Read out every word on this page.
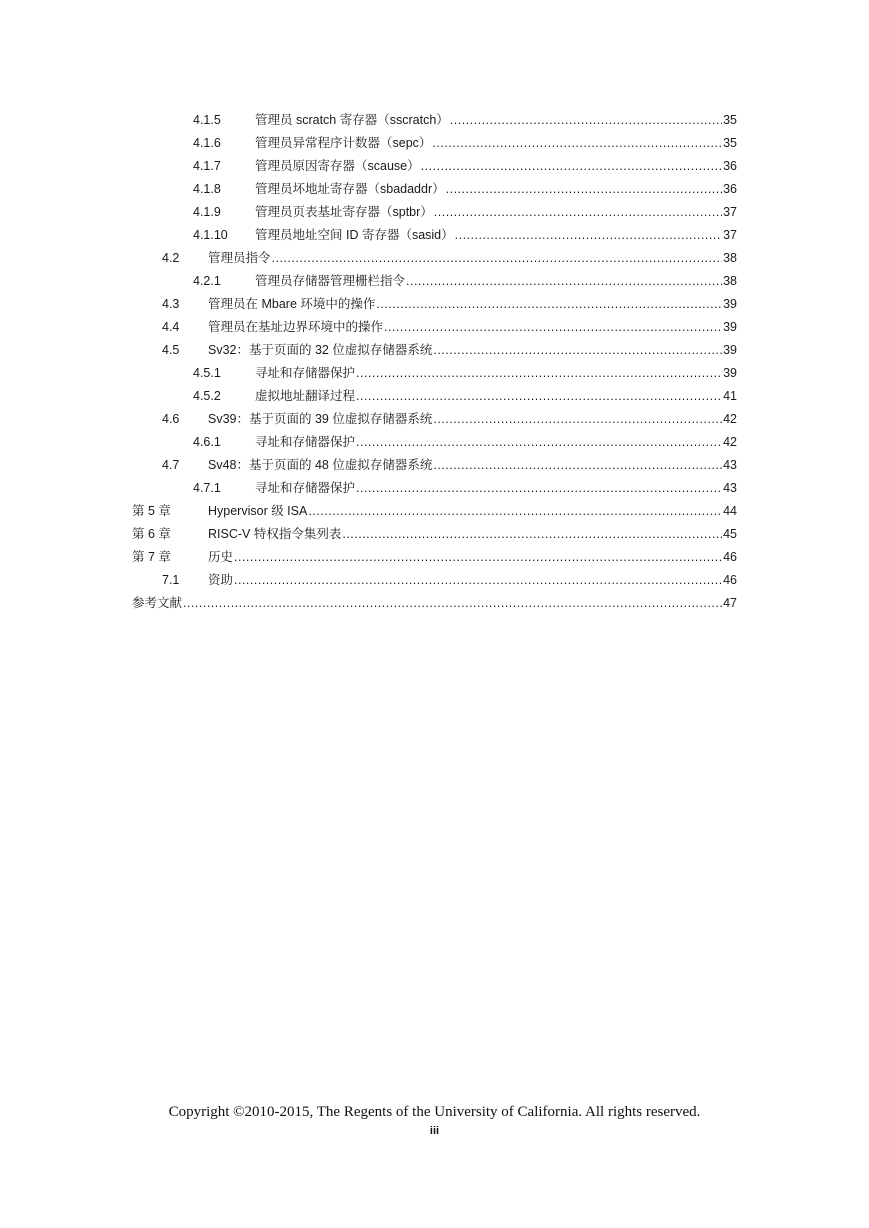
4.1.5	管理员 scratch 寄存器（sscratch） .....	35
4.1.6	管理员异常程序计数器（sepc） .....	35
4.1.7	管理员原因寄存器（scause） .....	36
4.1.8	管理员坏地址寄存器（sbadaddr） .....	36
4.1.9	管理员页表基址寄存器（sptbr） .....	37
4.1.10	管理员地址空间 ID 寄存器（sasid） .....	37
4.2	管理员指令 .....	38
4.2.1	管理员存储器管理栅栏指令 .....	38
4.3	管理员在 Mbare 环境中的操作 .....	39
4.4	管理员在基址边界环境中的操作 .....	39
4.5	Sv32：基于页面的 32 位虚拟存储器系统 .....	39
4.5.1	寻址和存储器保护 .....	39
4.5.2	虚拟地址翻译过程 .....	41
4.6	Sv39：基于页面的 39 位虚拟存储器系统 .....	42
4.6.1	寻址和存储器保护 .....	42
4.7	Sv48：基于页面的 48 位虚拟存储器系统 .....	43
4.7.1	寻址和存储器保护 .....	43
第 5 章	Hypervisor 级 ISA .....	44
第 6 章	RISC-V 特权指令集列表 .....	45
第 7 章	历史 .....	46
7.1	资助 .....	46
参考文献 .....	47
Copyright ©2010-2015, The Regents of the University of California. All rights reserved.
iii
